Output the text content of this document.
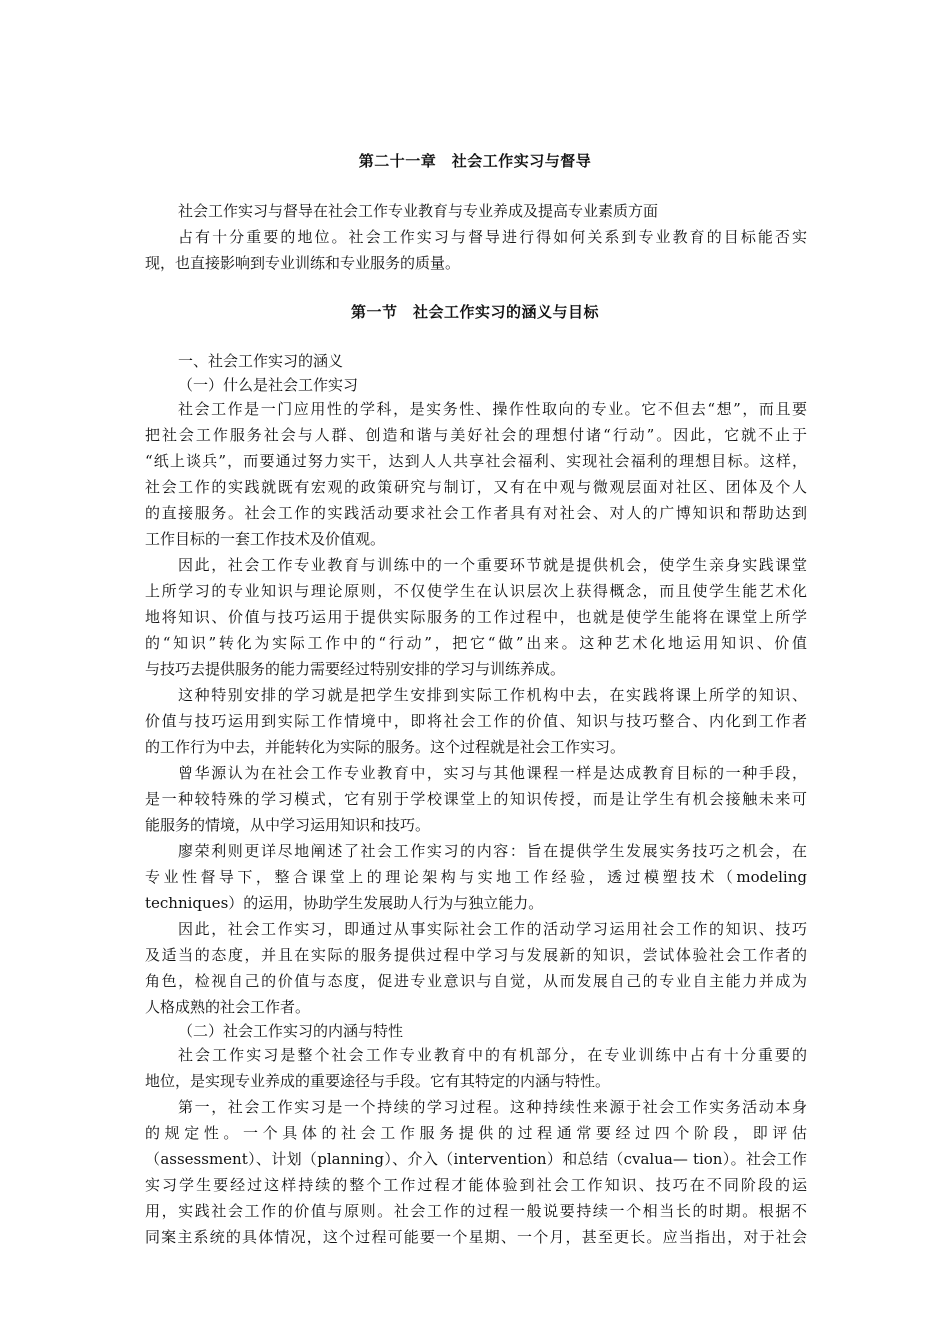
第二十一章　社会工作实习与督导
社会工作实习与督导在社会工作专业教育与专业养成及提高专业素质方面
占有十分重要的地位。社会工作实习与督导进行得如何关系到专业教育的目标能否实
现，也直接影响到专业训练和专业服务的质量。
第一节　社会工作实习的涵义与目标
一、社会工作实习的涵义
（一）什么是社会工作实习
社会工作是一门应用性的学科，是实务性、操作性取向的专业。它不但去“想”，而且要
把社会工作服务社会与人群、创造和谐与美好社会的理想付诸“行动”。因此，它就不止于
“纸上谈兵”，而要通过努力实干，达到人人共享社会福利、实现社会福利的理想目标。这样，
社会工作的实践就既有宏观的政策研究与制订，又有在中观与微观层面对社区、团体及个人
的直接服务。社会工作的实践活动要求社会工作者具有对社会、对人的广博知识和帮助达到
工作目标的一套工作技术及价值观。
因此，社会工作专业教育与训练中的一个重要环节就是提供机会，使学生亲身实践课堂
上所学习的专业知识与理论原则，不仅使学生在认识层次上获得概念，而且使学生能艺术化
地将知识、价值与技巧运用于提供实际服务的工作过程中，也就是使学生能将在课堂上所学
的“知识”转化为实际工作中的“行动”，把它“做”出来。这种艺术化地运用知识、价值
与技巧去提供服务的能力需要经过特别安排的学习与训练养成。
这种特别安排的学习就是把学生安排到实际工作机构中去，在实践将课上所学的知识、
价值与技巧运用到实际工作情境中，即将社会工作的价值、知识与技巧整合、内化到工作者
的工作行为中去，并能转化为实际的服务。这个过程就是社会工作实习。
曾华源认为在社会工作专业教育中，实习与其他课程一样是达成教育目标的一种手段，
是一种较特殊的学习模式，它有别于学校课堂上的知识传授，而是让学生有机会接触未来可
能服务的情境，从中学习运用知识和技巧。
廖荣利则更详尽地阐述了社会工作实习的内容：旨在提供学生发展实务技巧之机会，在
专业性督导下，整合课堂上的理论架构与实地工作经验，透过模塑技术（modeling
techniques）的运用，协助学生发展助人行为与独立能力。
因此，社会工作实习，即通过从事实际社会工作的活动学习运用社会工作的知识、技巧
及适当的态度，并且在实际的服务提供过程中学习与发展新的知识，尝试体验社会工作者的
角色，检视自己的价值与态度，促进专业意识与自觉，从而发展自己的专业自主能力并成为
人格成熟的社会工作者。
（二）社会工作实习的内涵与特性
社会工作实习是整个社会工作专业教育中的有机部分，在专业训练中占有十分重要的
地位，是实现专业养成的重要途径与手段。它有其特定的内涵与特性。
第一，社会工作实习是一个持续的学习过程。这种持续性来源于社会工作实务活动本身
的规定性。一个具体的社会工作服务提供的过程通常要经过四个阶段，即评估
（assessment）、计划（planning）、介入（intervention）和总结（cvalua— tion）。社会工作
实习学生要经过这样持续的整个工作过程才能体验到社会工作知识、技巧在不同阶段的运
用，实践社会工作的价值与原则。社会工作的过程一般说要持续一个相当长的时期。根据不
同案主系统的具体情况，这个过程可能要一个星期、一个月，甚至更长。应当指出，对于社会
